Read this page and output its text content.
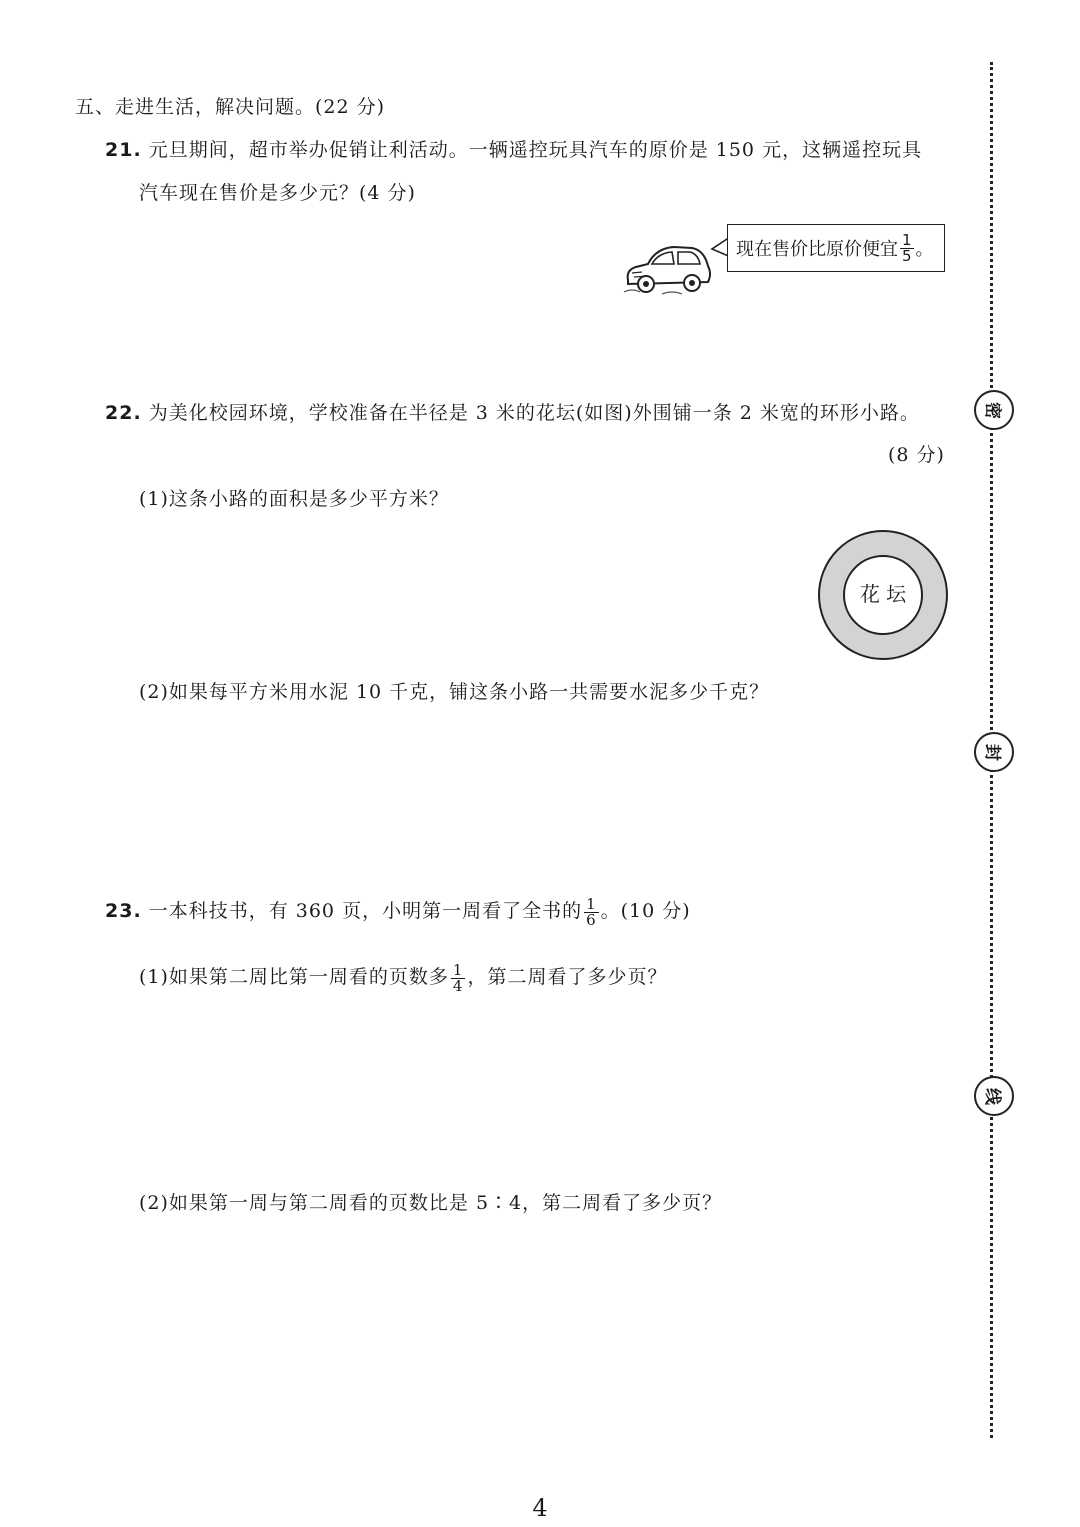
五、走进生活，解决问题。(22 分)
21. 元旦期间，超市举办促销让利活动。一辆遥控玩具汽车的原价是 150 元，这辆遥控玩具
汽车现在售价是多少元？(4 分)
现在售价比原价便宜 $\frac{1}{5}$ 。
22. 为美化校园环境，学校准备在半径是 3 米的花坛(如图)外围铺一条 2 米宽的环形小路。
(8 分)
(1)这条小路的面积是多少平方米？
花 坛
(2)如果每平方米用水泥 10 千克，铺这条小路一共需要水泥多少千克？
23. 一本科技书，有 360 页，小明第一周看了全书的 $\frac{1}{6}$ 。(10 分)
(1)如果第二周比第一周看的页数多 $\frac{1}{4}$ ，第二周看了多少页？
(2)如果第一周与第二周看的页数比是 5∶4，第二周看了多少页？
密
封
线
4
